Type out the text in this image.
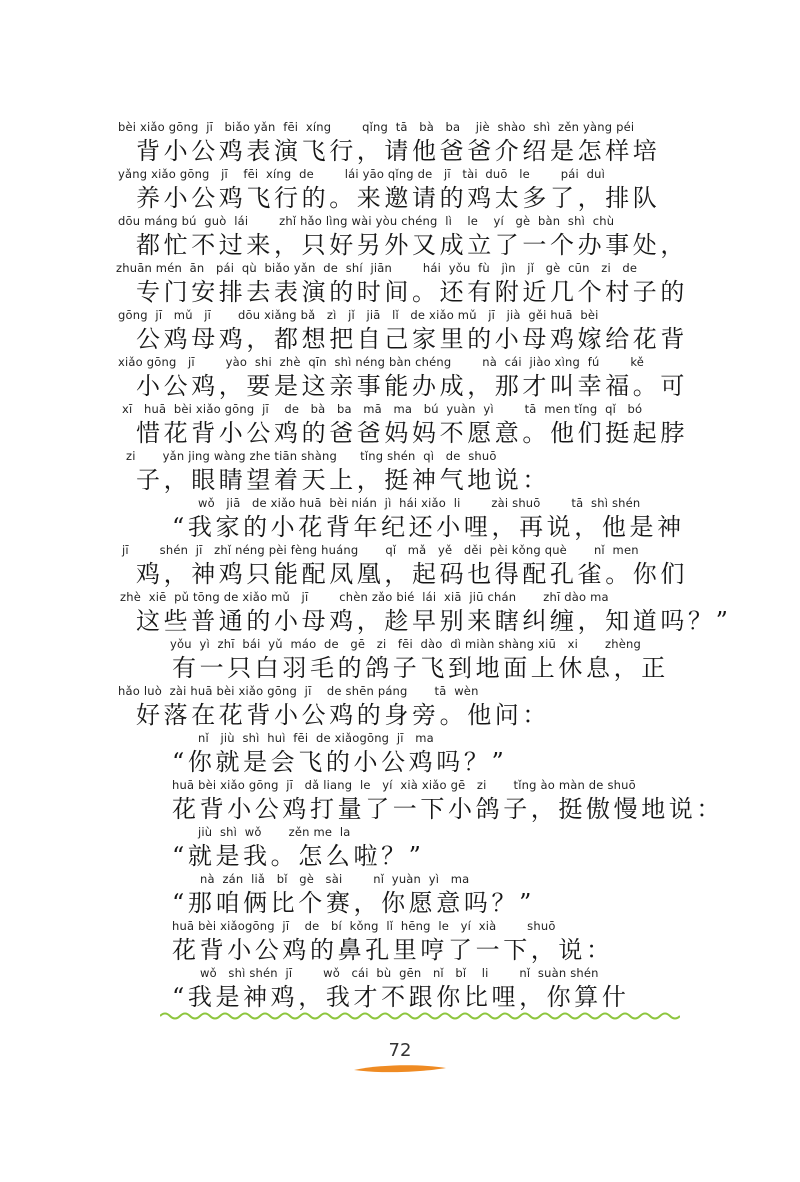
bèi xiǎo gōng  jī   biǎo yǎn  fēi  xíng        qǐng  tā   bà   ba    jiè  shào  shì  zěn yàng péi
背小公鸡表演飞行，请他爸爸介绍是怎样培
yǎng xiǎo gōng   jī    fēi  xíng  de        lái yāo qǐng de   jī   tài  duō   le        pái  duì
养小公鸡飞行的。来邀请的鸡太多了，排队
dōu máng bú  guò  lái        zhǐ hǎo lìng wài yòu chéng  lì    le    yí   gè  bàn  shì  chù
都忙不过来，只好另外又成立了一个办事处，
zhuān mén  ān   pái  qù  biǎo yǎn  de  shí  jiān        hái  yǒu  fù   jìn   jǐ   gè  cūn   zi   de
专门安排去表演的时间。还有附近几个村子的
gōng  jī   mǔ   jī       dōu xiǎng bǎ   zì   jǐ   jiā   lǐ   de xiǎo mǔ   jī   jià  gěi huā  bèi
公鸡母鸡，都想把自己家里的小母鸡嫁给花背
xiǎo gōng   jī        yào  shi  zhè  qīn  shì néng bàn chéng        nà  cái  jiào xìng  fú        kě
小公鸡，要是这亲事能办成，那才叫幸福。可
xī   huā  bèi xiǎo gōng  jī    de   bà   ba   mā   ma   bú  yuàn  yì        tā  men tǐng  qǐ   bó
惜花背小公鸡的爸爸妈妈不愿意。他们挺起脖
zi       yǎn jing wàng zhe tiān shàng      tǐng shén  qì   de  shuō
子，眼睛望着天上，挺神气地说：
wǒ   jiā   de xiǎo huā  bèi nián  jì  hái xiǎo  li        zài shuō        tā  shì shén
“我家的小花背年纪还小哩，再说，他是神
jī        shén  jī   zhǐ néng pèi fèng huáng       qǐ   mǎ   yě   děi  pèi kǒng què       nǐ  men
鸡，神鸡只能配凤凰，起码也得配孔雀。你们
zhè  xiē  pǔ tōng de xiǎo mǔ   jī        chèn zǎo bié  lái  xiā  jiū chán       zhī dào ma
这些普通的小母鸡，趁早别来瞎纠缠，知道吗？”
yǒu  yì  zhī  bái  yǔ  máo  de   gē   zi   fēi  dào  dì miàn shàng xiū   xi       zhèng
有一只白羽毛的鸽子飞到地面上休息，正
hǎo luò  zài huā bèi xiǎo gōng  jī    de shēn páng       tā  wèn
好落在花背小公鸡的身旁。他问：
nǐ   jiù  shì  huì  fēi  de xiǎogōng  jī   ma
“你就是会飞的小公鸡吗？”
huā bèi xiǎo gōng  jī   dǎ liang  le   yí  xià xiǎo gē   zi       tǐng ào màn de shuō
花背小公鸡打量了一下小鸽子，挺傲慢地说：
jiù  shì  wǒ       zěn me  la
“就是我。怎么啦？”
nà  zán  liǎ   bǐ   gè   sài        nǐ  yuàn  yì   ma
“那咱俩比个赛，你愿意吗？”
huā bèi xiǎogōng  jī    de   bí  kǒng  lǐ  hēng  le   yí  xià        shuō
花背小公鸡的鼻孔里哼了一下，说：
wǒ   shì shén  jī        wǒ   cái  bù  gēn   nǐ   bǐ    li        nǐ  suàn shén
“我是神鸡，我才不跟你比哩，你算什
72
